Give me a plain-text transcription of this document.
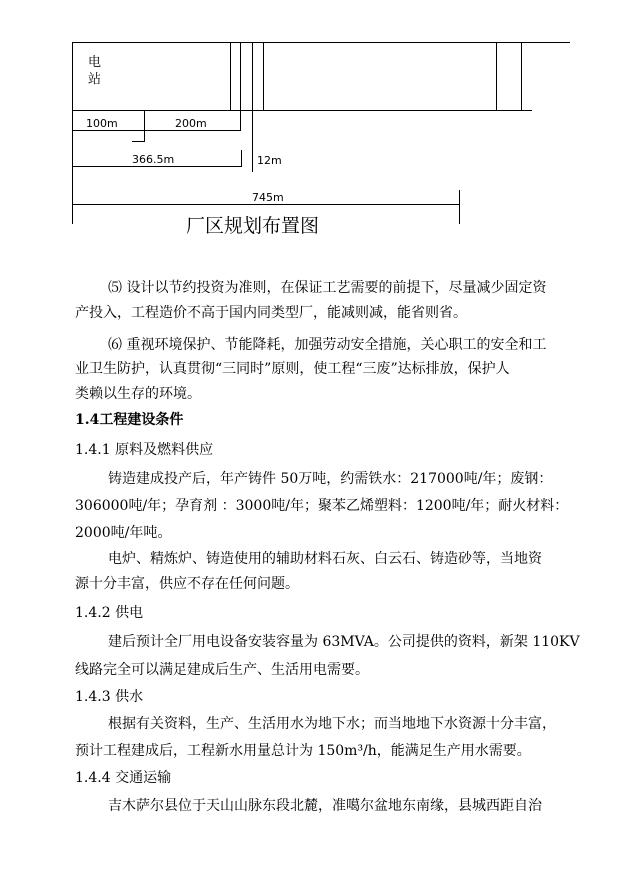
电
站
100m	200m
366.5m	12m
745m
厂区规划布置图
⑸ 设计以节约投资为准则，在保证工艺需要的前提下，尽量减少固定资
产投入，工程造价不高于国内同类型厂，能减则减，能省则省。
⑹ 重视环境保护、节能降耗，加强劳动安全措施，关心职工的安全和工
业卫生防护，认真贯彻“三同时”原则，使工程“三废”达标排放，保护人
类赖以生存的环境。
1.4工程建设条件
1.4.1 原料及燃料供应
铸造建成投产后，年产铸件 50万吨，约需铁水：217000吨/年；废钢：
306000吨/年；孕育剂 ：3000吨/年；聚苯乙烯塑料：1200吨/年；耐火材料：
2000吨/年吨。
电炉、精炼炉、铸造使用的辅助材料石灰、白云石、铸造砂等，当地资
源十分丰富，供应不存在任何问题。
1.4.2 供电
建后预计全厂用电设备安装容量为 63MVA。公司提供的资料，新架 110KV
线路完全可以满足建成后生产、生活用电需要。
1.4.3 供水
根据有关资料，生产、生活用水为地下水；而当地地下水资源十分丰富，
预计工程建成后，工程新水用量总计为 150m³/h，能满足生产用水需要。
1.4.4 交通运输
吉木萨尔县位于天山山脉东段北麓，准噶尔盆地东南缘，县城西距自治
